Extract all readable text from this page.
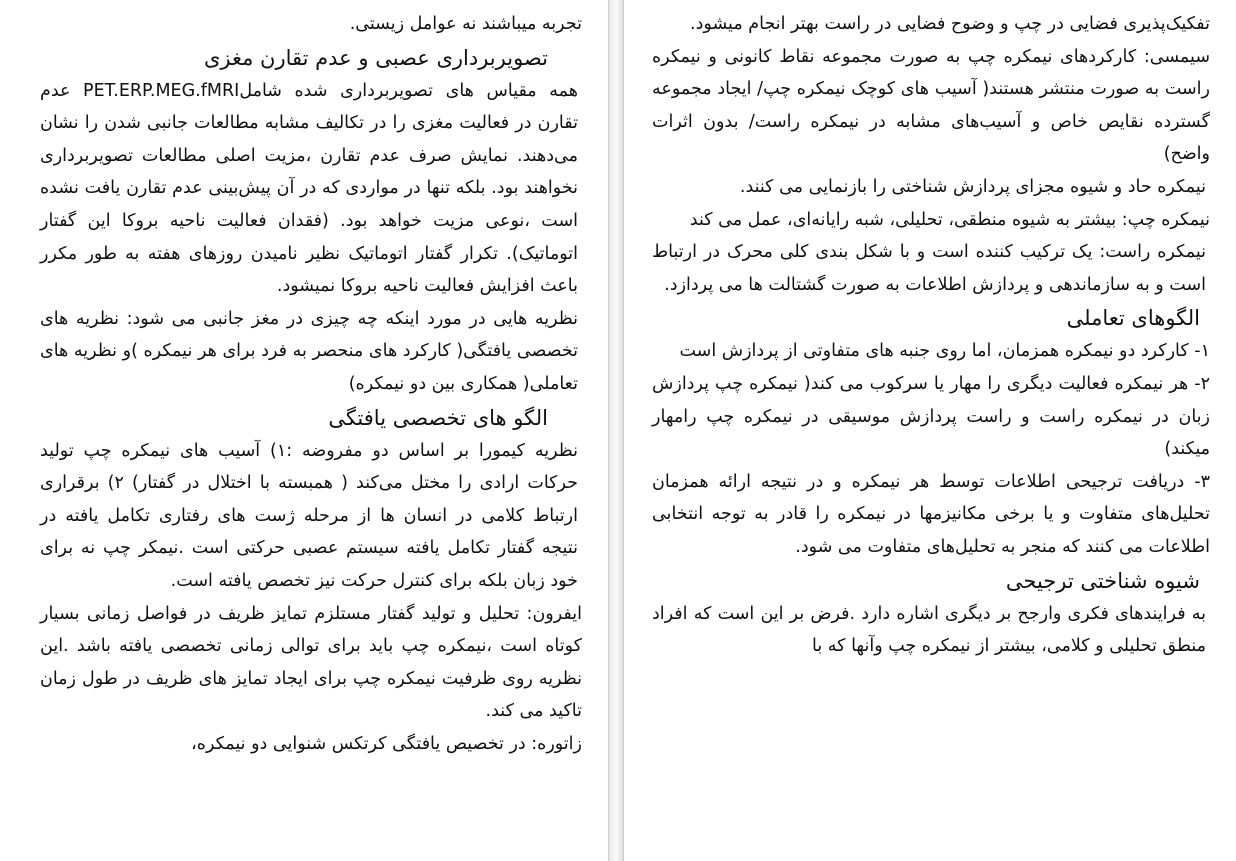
تجربه میباشند نه عوامل زیستی.

تصویربرداری عصبی و عدم تقارن مغزی

همه مقیاس های تصویربرداری شده شاملPET.ERP.MEG.fMRI عدم تقارن در فعالیت مغزی را در تکالیف مشابه مطالعات جانبی شدن را نشان می‌دهند. نمایش صرف عدم تقارن ،مزیت اصلی مطالعات تصویربرداری نخواهند بود. بلکه تنها در مواردی که در آن پیش‌بینی عدم تقارن یافت نشده است ،نوعی مزیت خواهد بود. (فقدان فعالیت ناحیه بروکا این گفتار اتوماتیک). تکرار گفتار اتوماتیک نظیر نامیدن روزهای هفته به طور مکرر باعث افزایش فعالیت ناحیه بروکا نمیشود.

نظریه هایی در مورد اینکه چه چیزی در مغز جانبی می شود: نظریه های تخصصی یافتگی( کارکرد های منحصر به فرد برای هر نیمکره )و نظریه های تعاملی( همکاری بین دو نیمکره)

الگو های تخصصی یافتگی

نظریه کیمورا بر اساس دو مفروضه :۱) آسیب های نیمکره چپ تولید حرکات ارادی را مختل می‌کند ( همبسته با اختلال در گفتار) ۲) برقراری ارتباط کلامی در انسان ها از مرحله ژست های رفتاری تکامل یافته در نتیجه گفتار تکامل یافته سیستم عصبی حرکتی است .نیمکر چپ نه برای خود زبان بلکه برای کنترل حرکت نیز تخصص یافته است.

ایفرون: تحلیل و تولید گفتار مستلزم تمایز ظریف در فواصل زمانی بسیار کوتاه است ،نیمکره چپ باید برای توالی زمانی تخصصی یافته باشد .این نظریه روی ظرفیت نیمکره چپ برای ایجاد تمایز های ظریف در طول زمان تاکید می کند.

زاتوره: در تخصیص یافتگی کرتکس شنوایی دو نیمکره،

تفکیک‌پذیری فضایی در چپ و وضوح فضایی در راست بهتر انجام میشود.

سیمسی: کارکردهای نیمکره چپ به صورت مجموعه نقاط کانونی و نیمکره راست به صورت منتشر هستند( آسیب های کوچک نیمکره چپ/ ایجاد مجموعه گسترده نقایص خاص و آسیب‌های مشابه در نیمکره راست/ بدون اثرات واضح)

نیمکره حاد و شیوه مجزای پردازش شناختی را بازنمایی می کنند.

نیمکره چپ: بیشتر به شیوه منطقی، تحلیلی، شبه رایانه‌ای، عمل می کند

نیمکره راست: یک ترکیب کننده است و با شکل بندی کلی محرک در ارتباط است و به سازماندهی و پردازش اطلاعات به صورت گشتالت ها می پردازد.

الگوهای تعاملی

۱- کارکرد دو نیمکره همزمان، اما روی جنبه های متفاوتی از پردازش است

۲- هر نیمکره فعالیت دیگری را مهار یا سرکوب می کند( نیمکره چپ پردازش زبان در نیمکره راست و راست پردازش موسیقی در نیمکره چپ رامهار میکند)

۳- دریافت ترجیحی اطلاعات توسط هر نیمکره و در نتیجه ارائه همزمان تحلیل‌های متفاوت و یا برخی مکانیزمها در نیمکره را قادر به توجه انتخابی اطلاعات می کنند که منجر به تحلیل‌های متفاوت می شود.

شیوه شناختی ترجیحی

به فرایندهای فکری وارجح بر دیگری اشاره دارد .فرض بر این است که افراد منطق تحلیلی و کلامی، بیشتر از نیمکره چپ وآنها که با
